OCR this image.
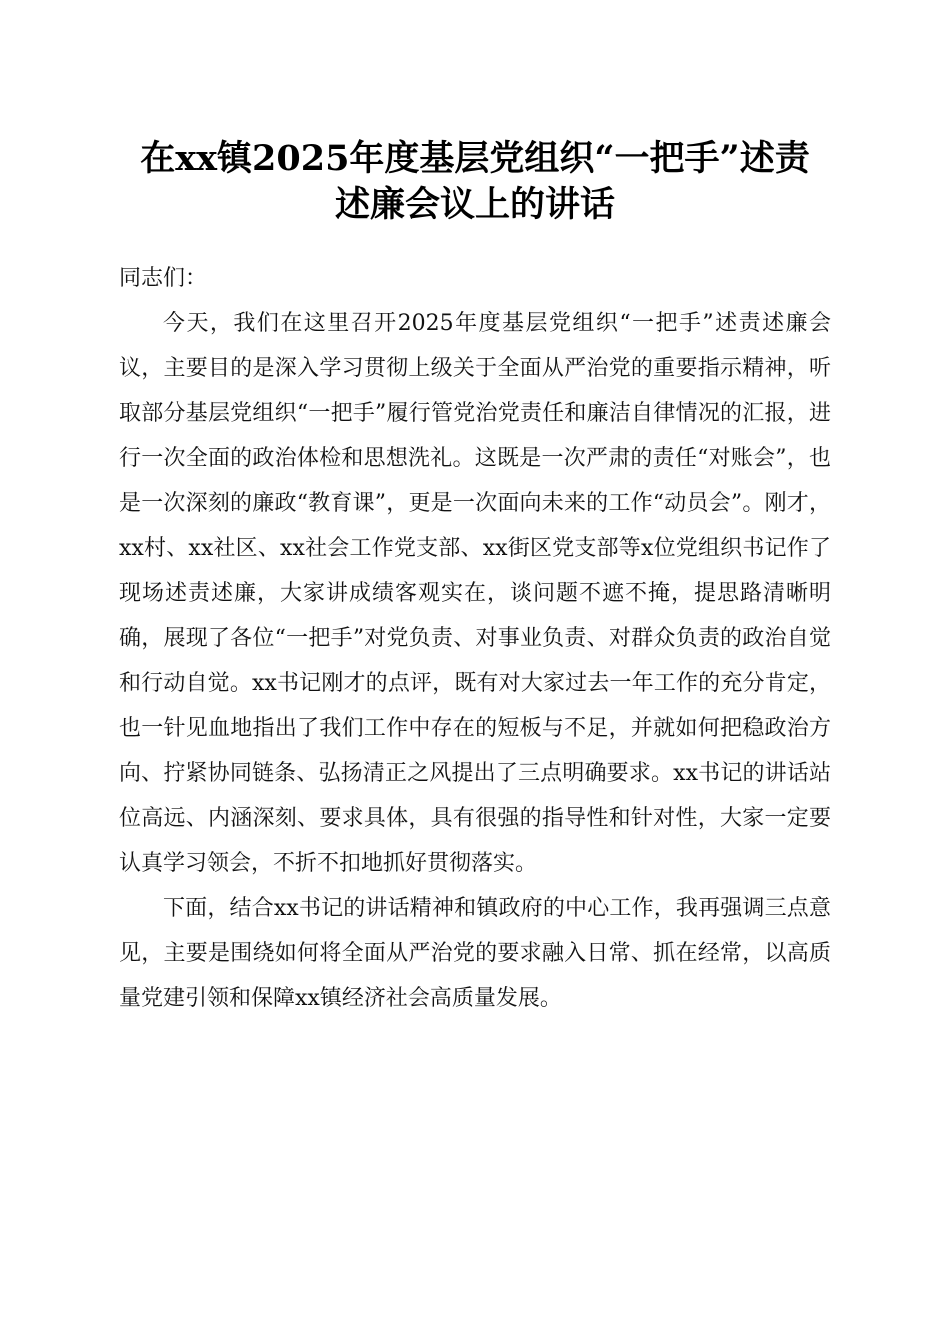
在xx镇2025年度基层党组织“一把手”述责
述廉会议上的讲话

同志们：

今天，我们在这里召开2025年度基层党组织“一把手”述责述廉会议，主要目的是深入学习贯彻上级关于全面从严治党的重要指示精神，听取部分基层党组织“一把手”履行管党治党责任和廉洁自律情况的汇报，进行一次全面的政治体检和思想洗礼。这既是一次严肃的责任“对账会”，也是一次深刻的廉政“教育课”，更是一次面向未来的工作“动员会”。刚才，xx村、xx社区、xx社会工作党支部、xx街区党支部等x位党组织书记作了现场述责述廉，大家讲成绩客观实在，谈问题不遮不掩，提思路清晰明确，展现了各位“一把手”对党负责、对事业负责、对群众负责的政治自觉和行动自觉。xx书记刚才的点评，既有对大家过去一年工作的充分肯定，也一针见血地指出了我们工作中存在的短板与不足，并就如何把稳政治方向、拧紧协同链条、弘扬清正之风提出了三点明确要求。xx书记的讲话站位高远、内涵深刻、要求具体，具有很强的指导性和针对性，大家一定要认真学习领会，不折不扣地抓好贯彻落实。

下面，结合xx书记的讲话精神和镇政府的中心工作，我再强调三点意见，主要是围绕如何将全面从严治党的要求融入日常、抓在经常，以高质量党建引领和保障xx镇经济社会高质量发展。
